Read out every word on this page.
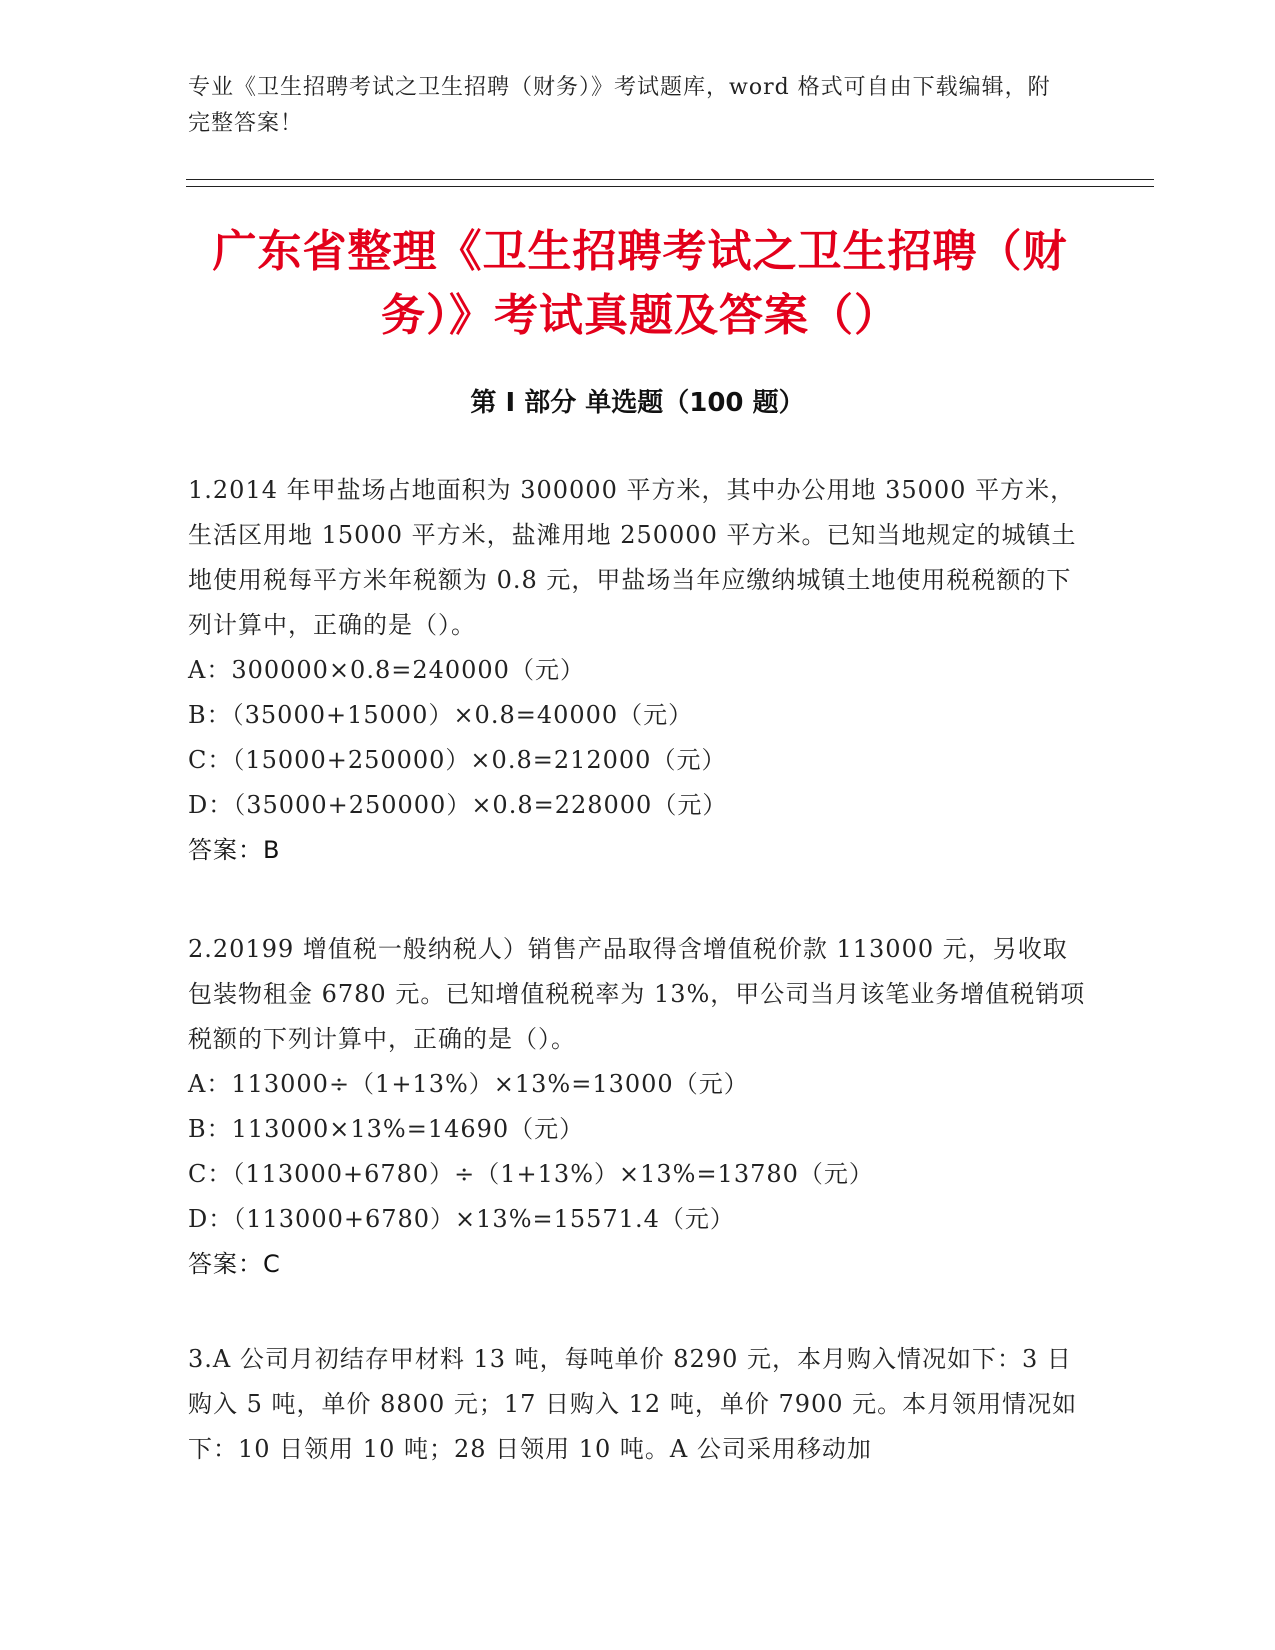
专业《卫生招聘考试之卫生招聘（财务）》考试题库，word 格式可自由下载编辑，附完整答案！
广东省整理《卫生招聘考试之卫生招聘（财务）》考试真题及答案（）
第 I 部分 单选题（100 题）

1.2014 年甲盐场占地面积为 300000 平方米，其中办公用地 35000 平方米，生活区用地 15000 平方米，盐滩用地 250000 平方米。已知当地规定的城镇土地使用税每平方米年税额为 0.8 元，甲盐场当年应缴纳城镇土地使用税税额的下列计算中，正确的是（）。

A：300000×0.8=240000（元）

B：（35000+15000）×0.8=40000（元）

C：（15000+250000）×0.8=212000（元）

D：（35000+250000）×0.8=228000（元）

答案：B

2.20199 增值税一般纳税人）销售产品取得含增值税价款 113000 元，另收取包装物租金 6780 元。已知增值税税率为 13%，甲公司当月该笔业务增值税销项税额的下列计算中，正确的是（）。

A：113000÷（1+13%）×13%=13000（元）

B：113000×13%=14690（元）

C：（113000+6780）÷（1+13%）×13%=13780（元）

D：（113000+6780）×13%=15571.4（元）

答案：C

3.A 公司月初结存甲材料 13 吨，每吨单价 8290 元，本月购入情况如下：3 日购入 5 吨，单价 8800 元；17 日购入 12 吨，单价 7900 元。本月领用情况如下：10 日领用 10 吨；28 日领用 10 吨。A 公司采用移动加
